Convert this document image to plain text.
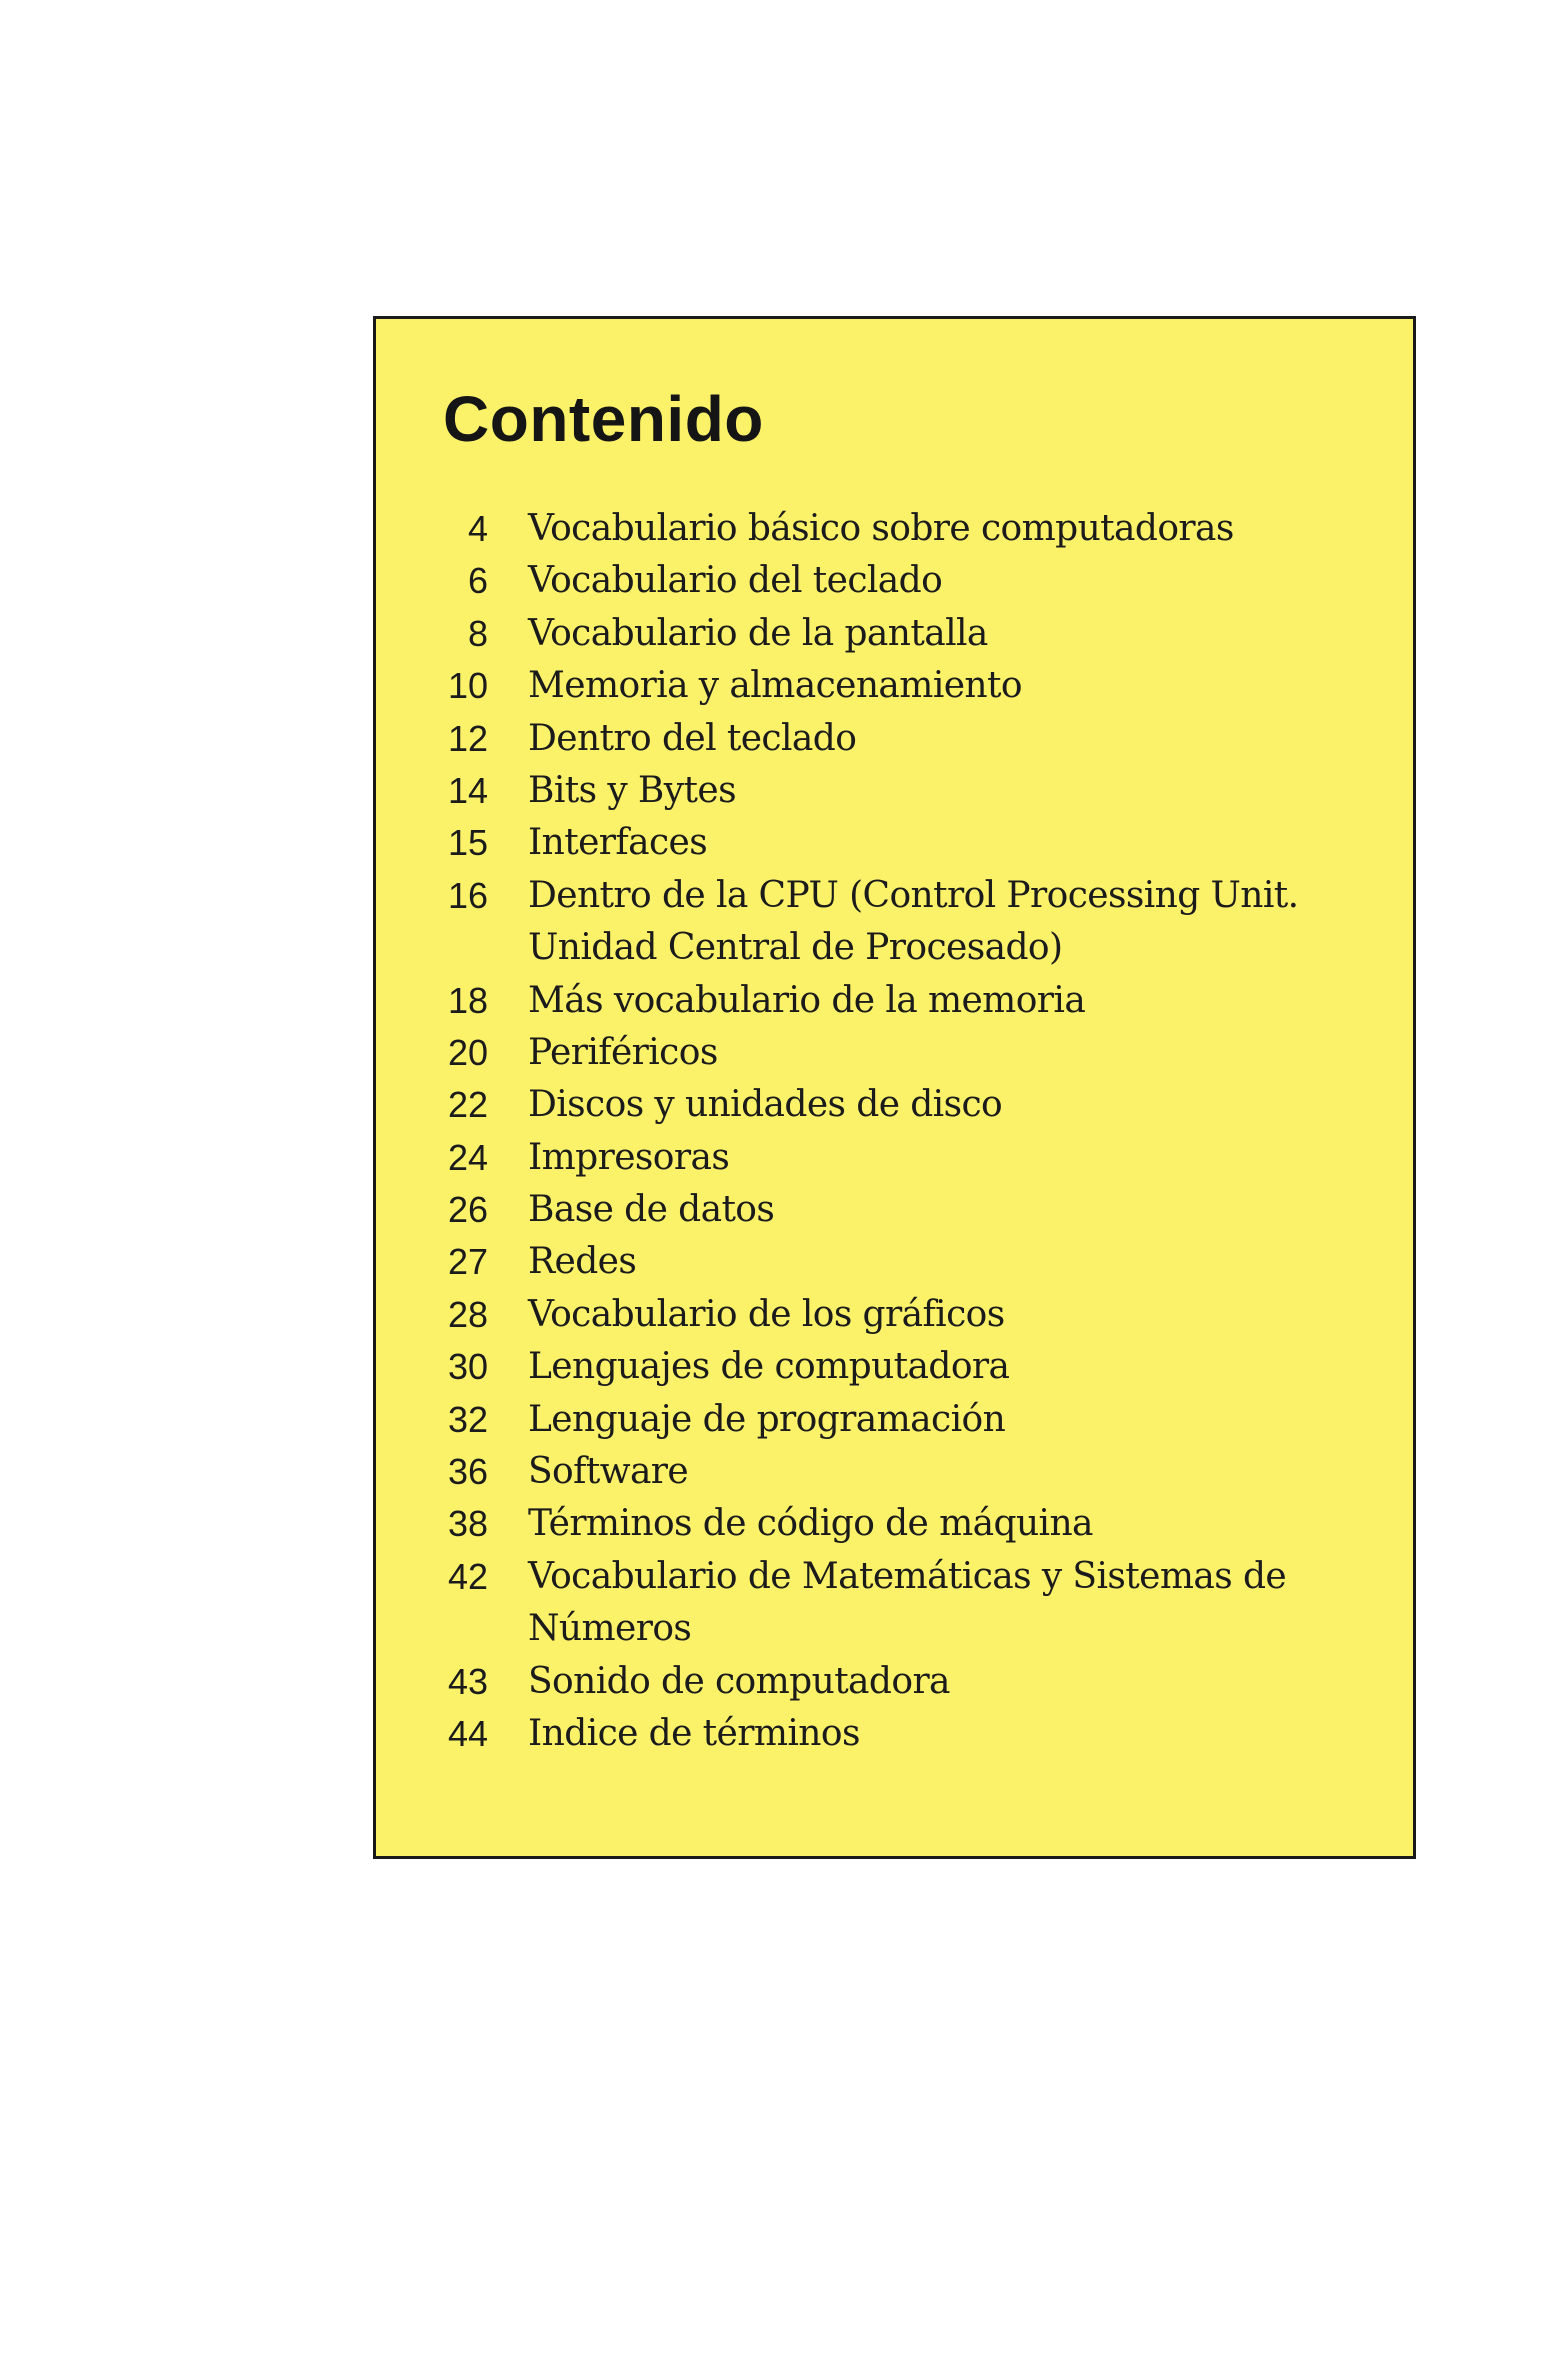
Contenido
4 Vocabulario básico sobre computadoras
6 Vocabulario del teclado
8 Vocabulario de la pantalla
10 Memoria y almacenamiento
12 Dentro del teclado
14 Bits y Bytes
15 Interfaces
16 Dentro de la CPU (Control Processing Unit.
Unidad Central de Procesado)
18 Más vocabulario de la memoria
20 Periféricos
22 Discos y unidades de disco
24 Impresoras
26 Base de datos
27 Redes
28 Vocabulario de los gráficos
30 Lenguajes de computadora
32 Lenguaje de programación
36 Software
38 Términos de código de máquina
42 Vocabulario de Matemáticas y Sistemas de
Números
43 Sonido de computadora
44 Indice de términos
